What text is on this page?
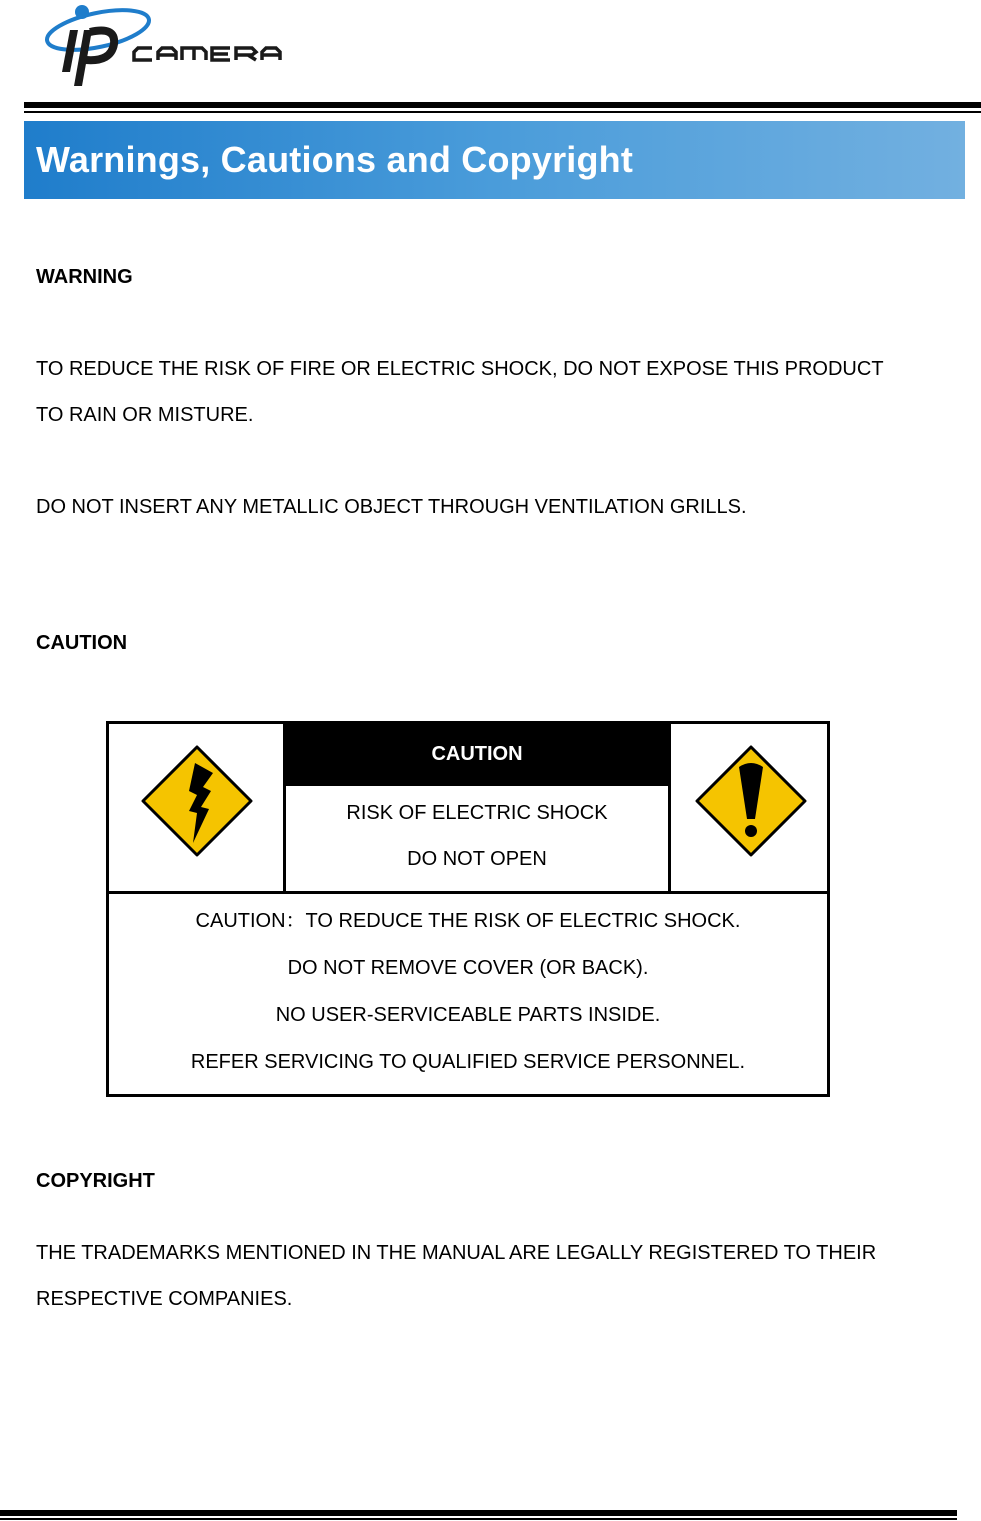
Warnings, Cautions and Copyright
WARNING
TO REDUCE THE RISK OF FIRE OR ELECTRIC SHOCK, DO NOT EXPOSE THIS PRODUCT
TO RAIN OR MISTURE.
DO NOT INSERT ANY METALLIC OBJECT THROUGH VENTILATION GRILLS.
CAUTION
CAUTION
RISK OF ELECTRIC SHOCK
DO NOT OPEN
CAUTION：TO REDUCE THE RISK OF ELECTRIC SHOCK.
DO NOT REMOVE COVER (OR BACK).
NO USER-SERVICEABLE PARTS INSIDE.
REFER SERVICING TO QUALIFIED SERVICE PERSONNEL.
COPYRIGHT
THE TRADEMARKS MENTIONED IN THE MANUAL ARE LEGALLY REGISTERED TO THEIR
RESPECTIVE COMPANIES.
